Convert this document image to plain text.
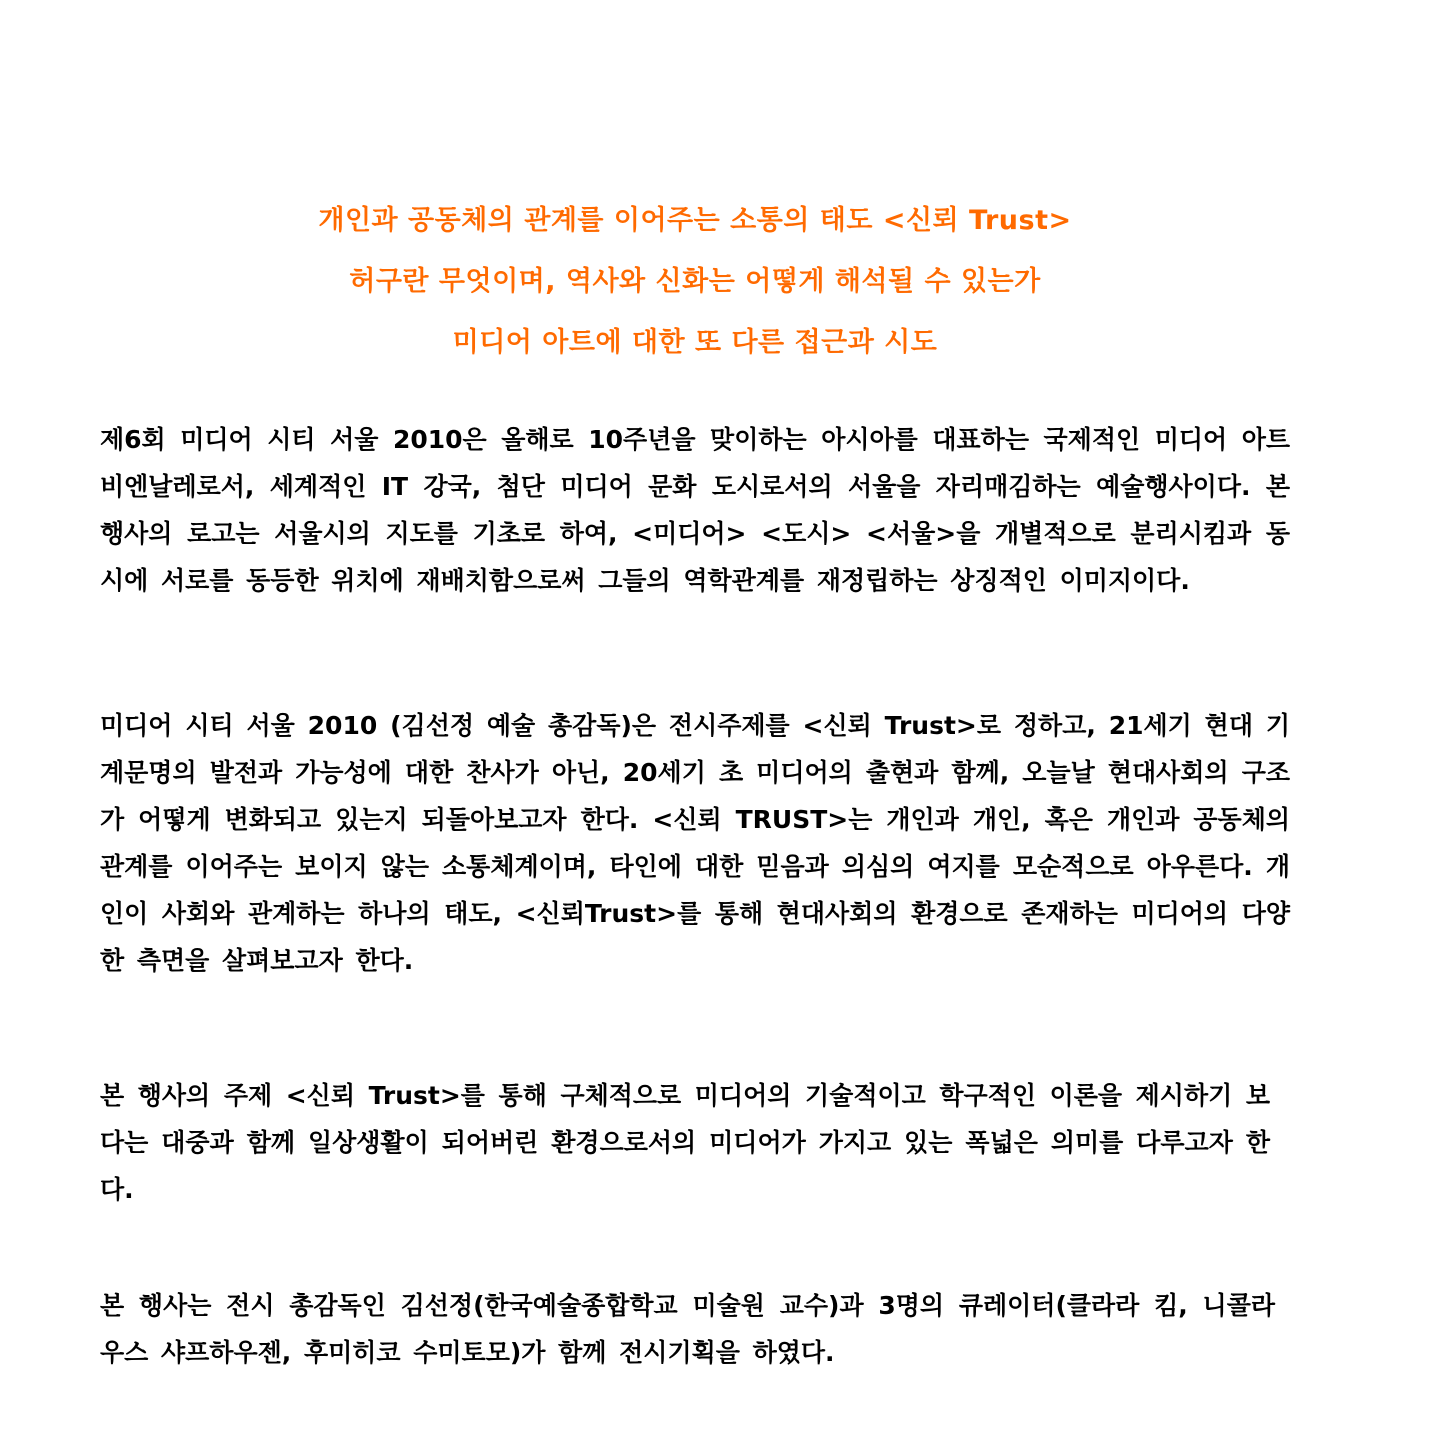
개인과 공동체의 관계를 이어주는 소통의 태도 <신뢰 Trust>
허구란 무엇이며, 역사와 신화는 어떻게 해석될 수 있는가
미디어 아트에 대한 또 다른 접근과 시도

제6회 미디어 시티 서울 2010은 올해로 10주년을 맞이하는 아시아를 대표하는 국제적인 미디어 아트 비엔날레로서, 세계적인 IT 강국, 첨단 미디어 문화 도시로서의 서울을 자리매김하는 예술행사이다. 본 행사의 로고는 서울시의 지도를 기초로 하여, <미디어> <도시> <서울>을 개별적으로 분리시킴과 동시에 서로를 동등한 위치에 재배치함으로써 그들의 역학관계를 재정립하는 상징적인 이미지이다.

미디어 시티 서울 2010 (김선정 예술 총감독)은 전시주제를 <신뢰 Trust>로 정하고, 21세기 현대 기계문명의 발전과 가능성에 대한 찬사가 아닌, 20세기 초 미디어의 출현과 함께, 오늘날 현대사회의 구조가 어떻게 변화되고 있는지 되돌아보고자 한다. <신뢰 TRUST>는 개인과 개인, 혹은 개인과 공동체의 관계를 이어주는 보이지 않는 소통체계이며, 타인에 대한 믿음과 의심의 여지를 모순적으로 아우른다. 개인이 사회와 관계하는 하나의 태도, <신뢰Trust>를 통해 현대사회의 환경으로 존재하는 미디어의 다양한 측면을 살펴보고자 한다.

본 행사의 주제 <신뢰 Trust>를 통해 구체적으로 미디어의 기술적이고 학구적인 이론을 제시하기 보다는 대중과 함께 일상생활이 되어버린 환경으로서의 미디어가 가지고 있는 폭넓은 의미를 다루고자 한다.

본 행사는 전시 총감독인 김선정(한국예술종합학교 미술원 교수)과 3명의 큐레이터(클라라 킴, 니콜라우스 샤프하우젠, 후미히코 수미토모)가 함께 전시기획을 하였다.
